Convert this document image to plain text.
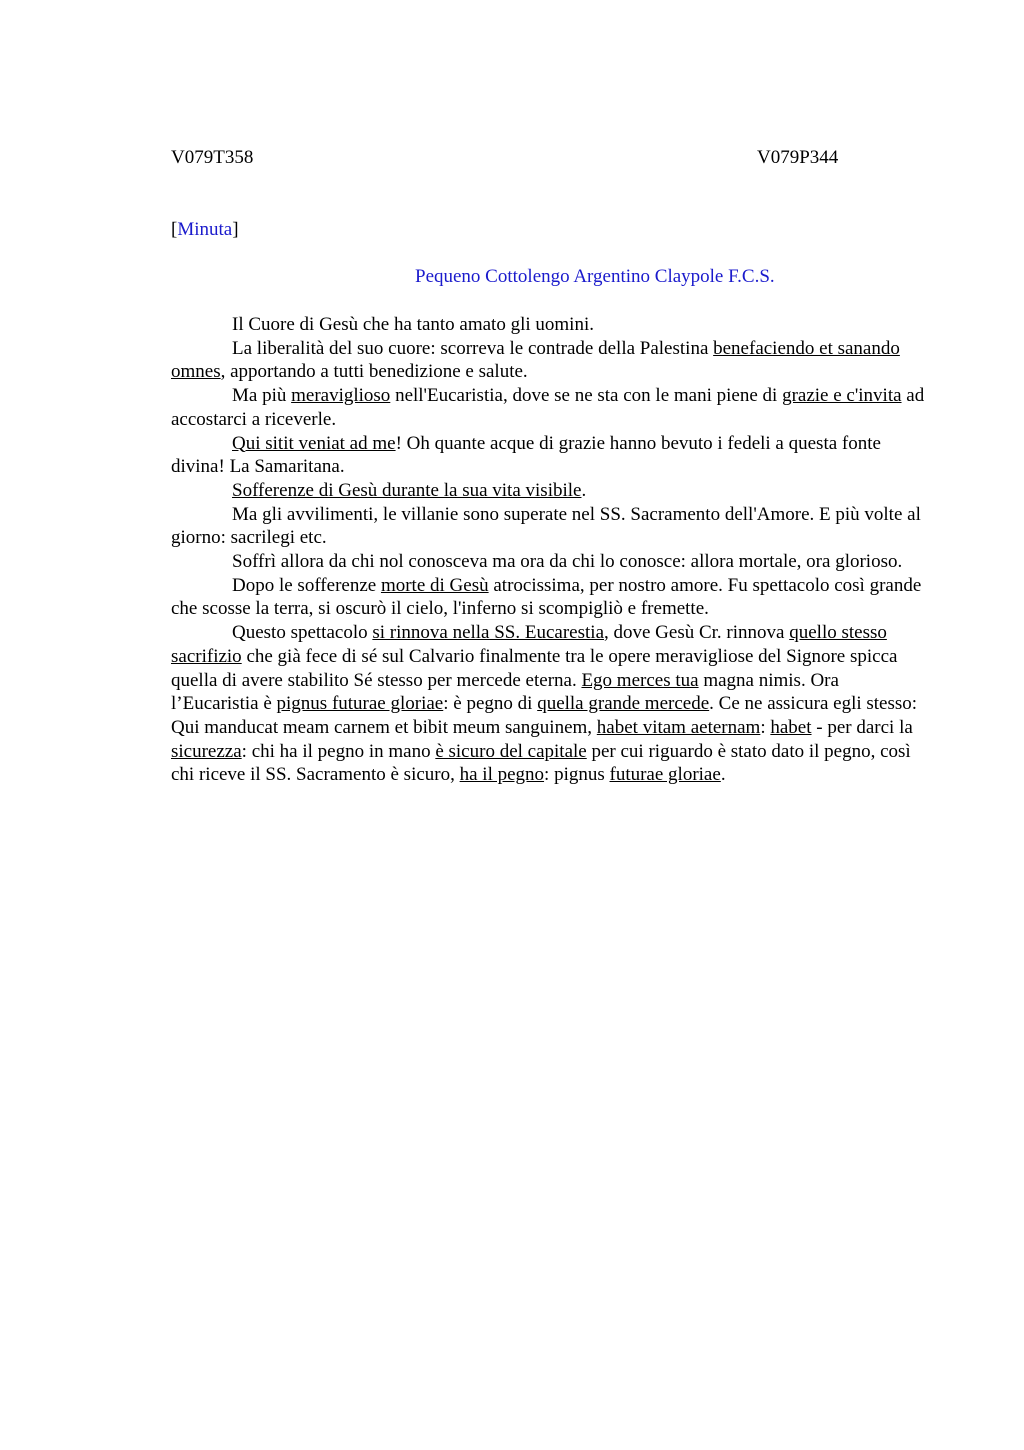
V079T358	V079P344
[Minuta]
Pequeno Cottolengo Argentino Claypole F.C.S.

Il Cuore di Gesù che ha tanto amato gli uomini.

La liberalità del suo cuore: scorreva le contrade della Palestina benefaciendo et sanando omnes, apportando a tutti benedizione e salute.

Ma più meraviglioso nell'Eucaristia, dove se ne sta con le mani piene di grazie e c'invita ad accostarci a riceverle.

Qui sitit veniat ad me! Oh quante acque di grazie hanno bevuto i fedeli a questa fonte divina! La Samaritana.

Sofferenze di Gesù durante la sua vita visibile.

Ma gli avvilimenti, le villanie sono superate nel SS. Sacramento dell'Amore. E più volte al giorno: sacrilegi etc.

Soffrì allora da chi nol conosceva ma ora da chi lo conosce: allora mortale, ora glorioso.

Dopo le sofferenze morte di Gesù atrocissima, per nostro amore. Fu spettacolo così grande che scosse la terra, si oscurò il cielo, l'inferno si scompigliò e fremette.

Questo spettacolo si rinnova nella SS. Eucarestia, dove Gesù Cr. rinnova quello stesso sacrifizio che già fece di sé sul Calvario finalmente tra le opere meravigliose del Signore spicca quella di avere stabilito Sé stesso per mercede eterna. Ego merces tua magna nimis. Ora l’Eucaristia è pignus futurae gloriae: è pegno di quella grande mercede. Ce ne assicura egli stesso: Qui manducat meam carnem et bibit meum sanguinem, habet vitam aeternam: habet - per darci la sicurezza: chi ha il pegno in mano è sicuro del capitale per cui riguardo è stato dato il pegno, così chi riceve il SS. Sacramento è sicuro, ha il pegno: pignus futurae gloriae.
